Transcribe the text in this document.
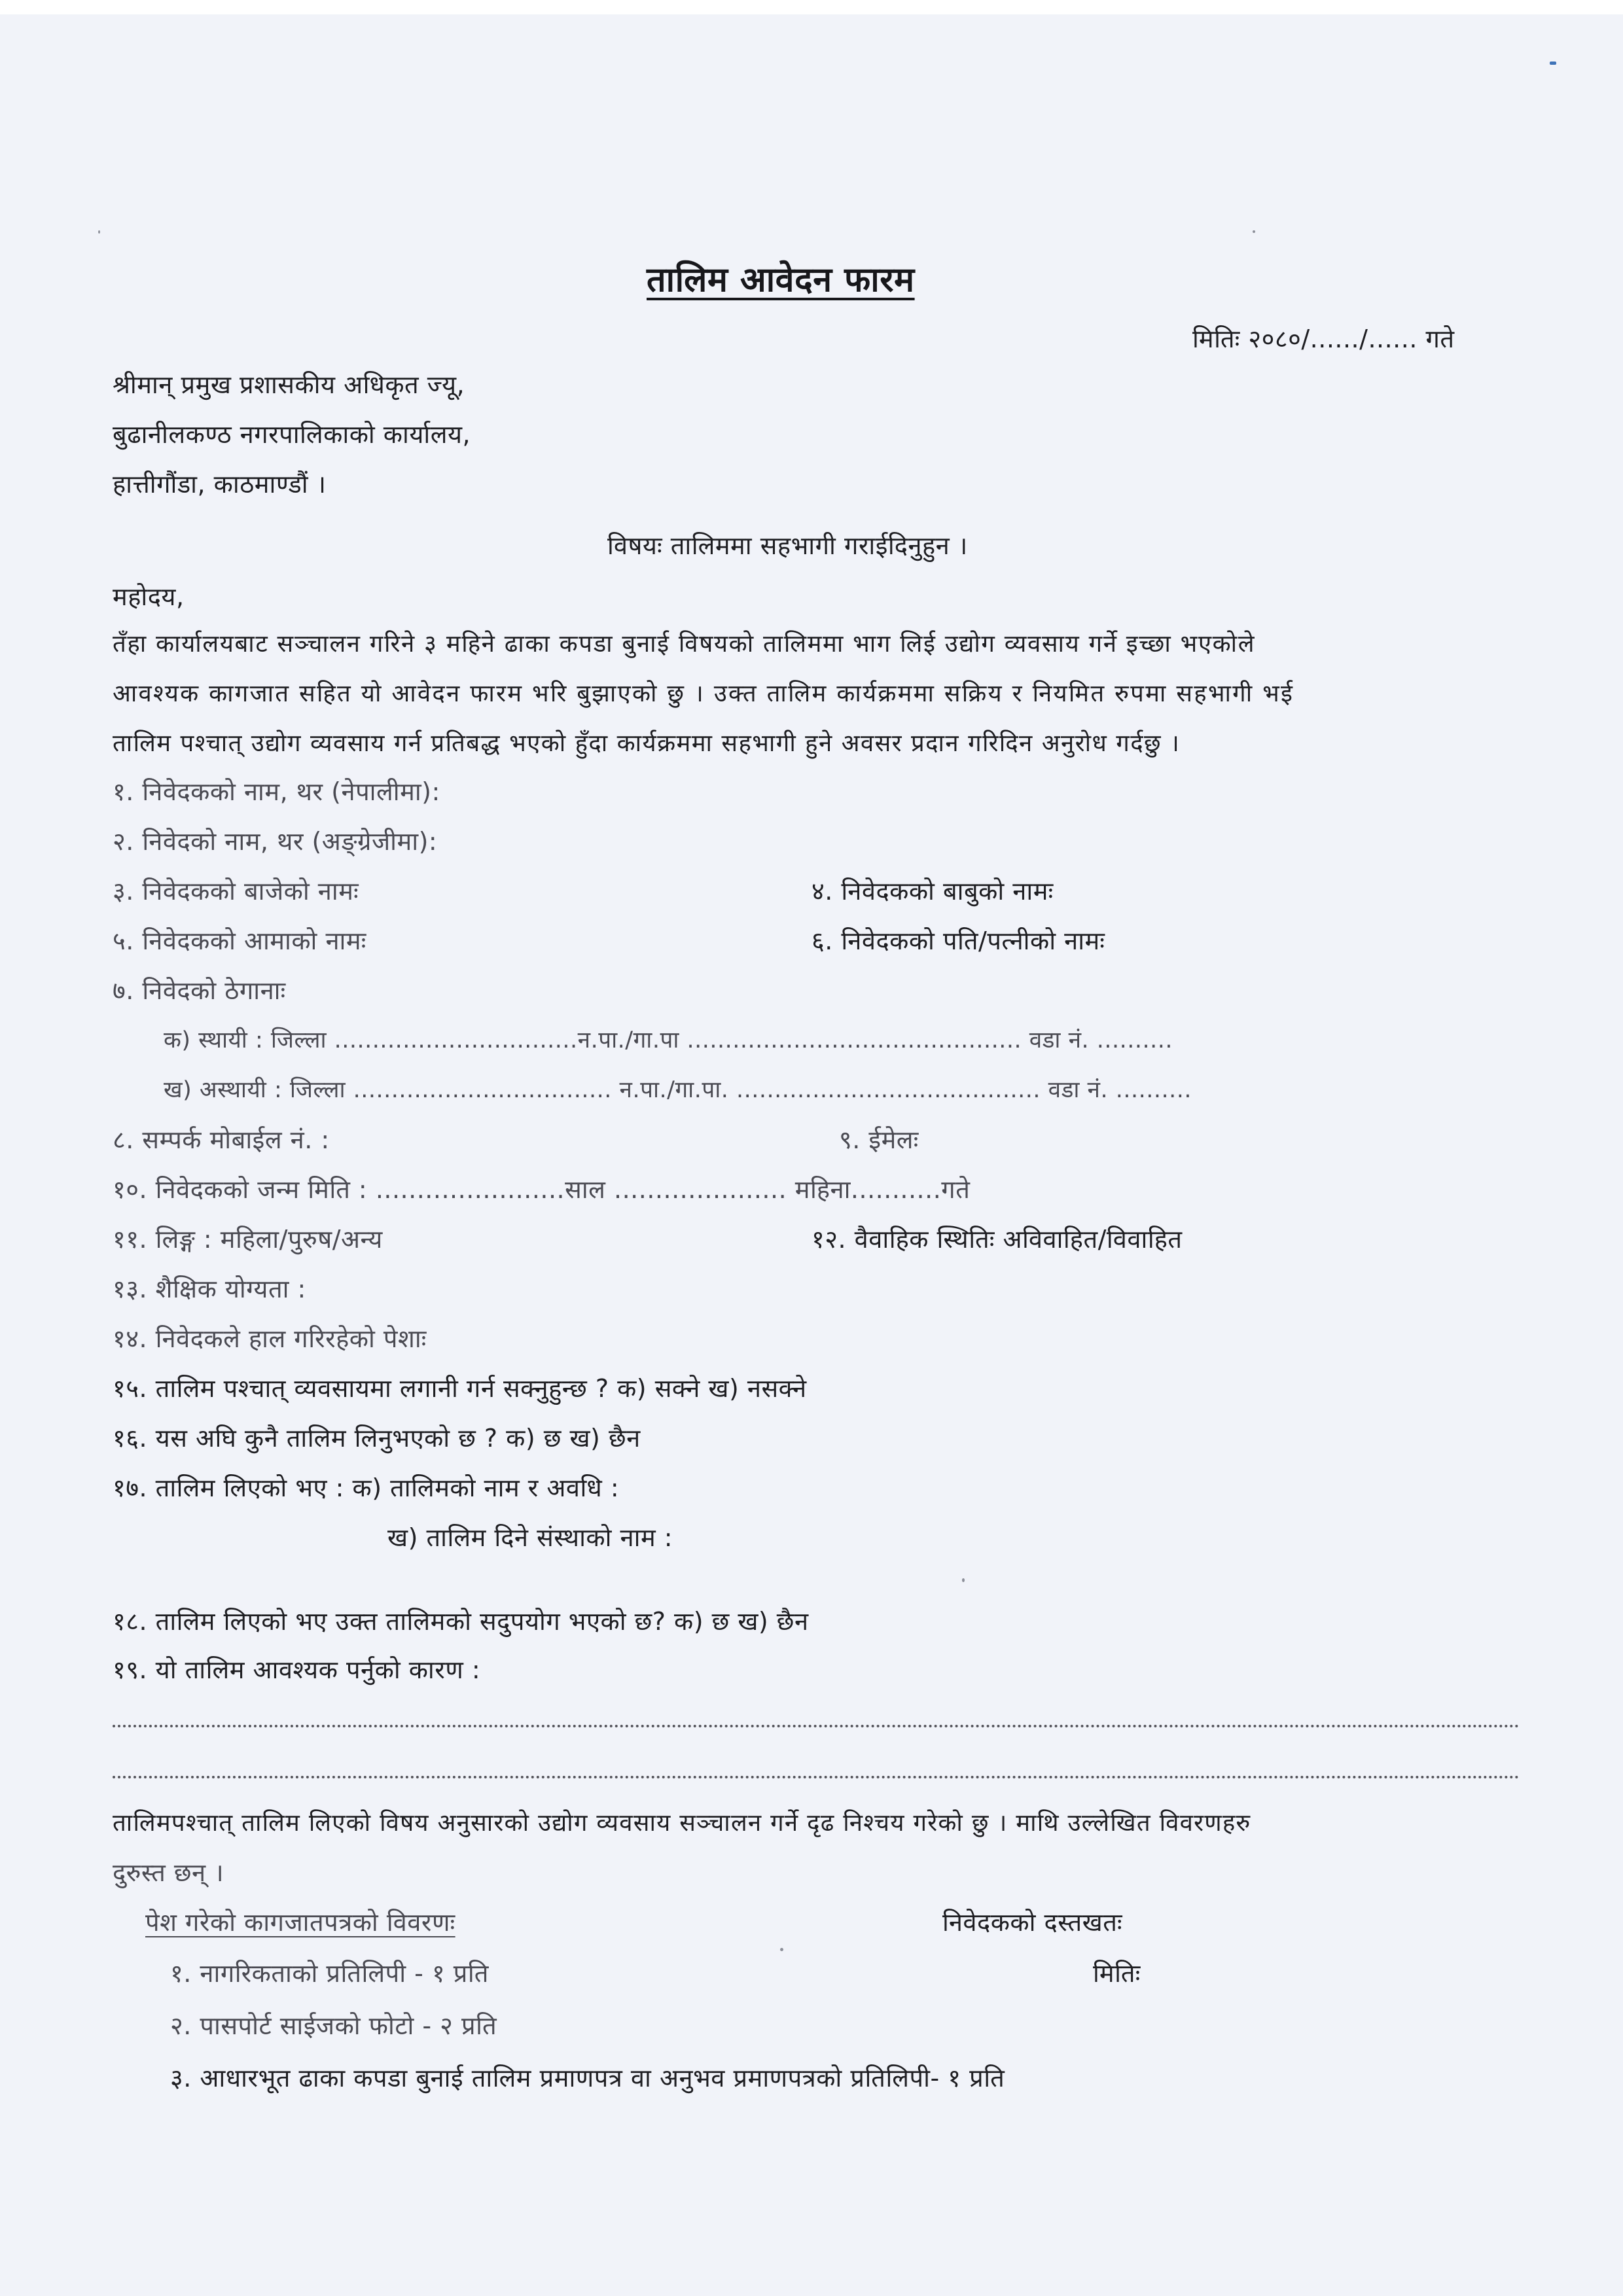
तालिम आवेदन फारम
मितिः २०८०/....../...... गते
श्रीमान् प्रमुख प्रशासकीय अधिकृत ज्यू,
बुढानीलकण्ठ नगरपालिकाको कार्यालय,
हात्तीगौंडा, काठमाण्डौं ।
विषयः तालिममा सहभागी गराईदिनुहुन ।
महोदय,
तँहा कार्यालयबाट सञ्चालन गरिने ३ महिने ढाका कपडा बुनाई विषयको तालिममा भाग लिई उद्योग व्यवसाय गर्ने इच्छा भएकोले
आवश्यक कागजात सहित यो आवेदन फारम भरि बुझाएको छु । उक्त तालिम कार्यक्रममा सक्रिय र नियमित रुपमा सहभागी भई
तालिम पश्चात् उद्योग व्यवसाय गर्न प्रतिबद्ध भएको हुँदा कार्यक्रममा सहभागी हुने अवसर प्रदान गरिदिन अनुरोध गर्दछु ।
१. निवेदकको नाम, थर (नेपालीमा):
२. निवेदको नाम, थर (अङ्ग्रेजीमा):
३. निवेदकको बाजेको नामः	४. निवेदकको बाबुको नामः
५. निवेदकको आमाको नामः	६. निवेदकको पति/पत्नीको नामः
७. निवेदको ठेगानाः
क) स्थायी : जिल्ला ................................न.पा./गा.पा ............................................ वडा नं. ..........
ख) अस्थायी : जिल्ला .................................. न.पा./गा.पा. ........................................ वडा नं. ..........
८. सम्पर्क मोबाईल नं. :	९. ईमेलः
१०. निवेदकको जन्म मिति : .......................साल ..................... महिना...........गते
११. लिङ्ग : महिला/पुरुष/अन्य	१२. वैवाहिक स्थितिः अविवाहित/विवाहित
१३. शैक्षिक योग्यता :
१४. निवेदकले हाल गरिरहेको पेशाः
१५. तालिम पश्चात् व्यवसायमा लगानी गर्न सक्नुहुन्छ ? क) सक्ने ख) नसक्ने
१६. यस अघि कुनै तालिम लिनुभएको छ ? क) छ ख) छैन
१७. तालिम लिएको भए : क) तालिमको नाम र अवधि :
ख) तालिम दिने संस्थाको नाम :
१८. तालिम लिएको भए उक्त तालिमको सदुपयोग भएको छ? क) छ ख) छैन
१९. यो तालिम आवश्यक पर्नुको कारण :
तालिमपश्चात् तालिम लिएको विषय अनुसारको उद्योग व्यवसाय सञ्चालन गर्ने दृढ निश्चय गरेको छु । माथि उल्लेखित विवरणहरु
दुरुस्त छन् ।
पेश गरेको कागजातपत्रको विवरणः
१. नागरिकताको प्रतिलिपी - १ प्रति
२. पासपोर्ट साईजको फोटो - २ प्रति
३. आधारभूत ढाका कपडा बुनाई तालिम प्रमाणपत्र वा अनुभव प्रमाणपत्रको प्रतिलिपी- १ प्रति
निवेदकको दस्तखतः
मितिः
